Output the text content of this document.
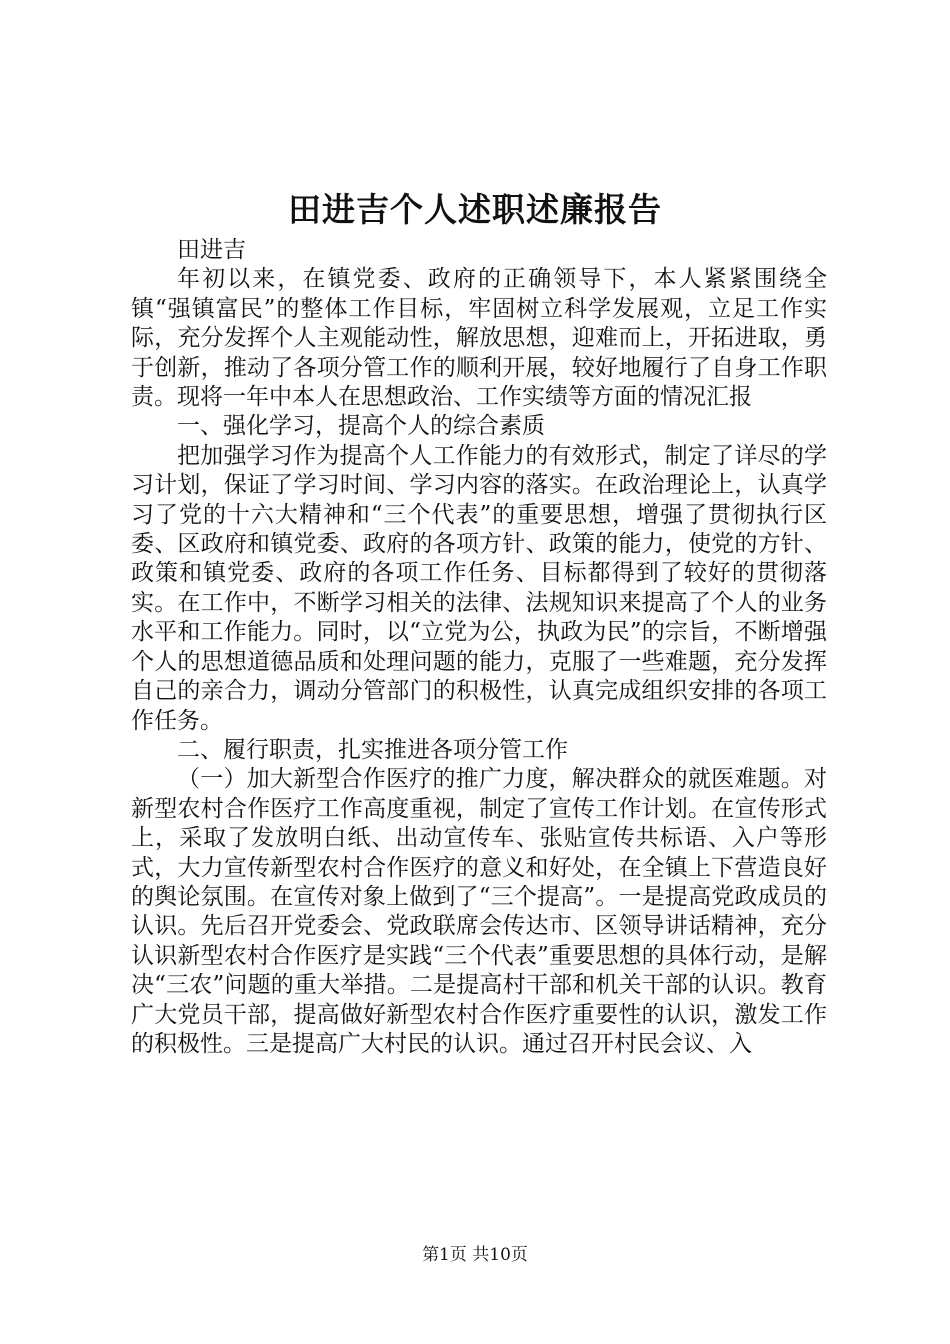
田进吉个人述职述廉报告

田进吉

年初以来，在镇党委、政府的正确领导下，本人紧紧围绕全镇“强镇富民”的整体工作目标，牢固树立科学发展观，立足工作实际，充分发挥个人主观能动性，解放思想，迎难而上，开拓进取，勇于创新，推动了各项分管工作的顺利开展，较好地履行了自身工作职责。现将一年中本人在思想政治、工作实绩等方面的情况汇报

一、强化学习，提高个人的综合素质

把加强学习作为提高个人工作能力的有效形式，制定了详尽的学习计划，保证了学习时间、学习内容的落实。在政治理论上，认真学习了党的十六大精神和“三个代表”的重要思想，增强了贯彻执行区委、区政府和镇党委、政府的各项方针、政策的能力，使党的方针、政策和镇党委、政府的各项工作任务、目标都得到了较好的贯彻落实。在工作中，不断学习相关的法律、法规知识来提高了个人的业务水平和工作能力。同时，以“立党为公，执政为民”的宗旨，不断增强个人的思想道德品质和处理问题的能力，克服了一些难题，充分发挥自己的亲合力，调动分管部门的积极性，认真完成组织安排的各项工作任务。

二、履行职责，扎实推进各项分管工作

（一）加大新型合作医疗的推广力度，解决群众的就医难题。对新型农村合作医疗工作高度重视，制定了宣传工作计划。在宣传形式上，采取了发放明白纸、出动宣传车、张贴宣传共标语、入户等形式，大力宣传新型农村合作医疗的意义和好处，在全镇上下营造良好的舆论氛围。在宣传对象上做到了“三个提高”。一是提高党政成员的认识。先后召开党委会、党政联席会传达市、区领导讲话精神，充分认识新型农村合作医疗是实践“三个代表”重要思想的具体行动，是解决“三农”问题的重大举措。二是提高村干部和机关干部的认识。教育广大党员干部，提高做好新型农村合作医疗重要性的认识，激发工作的积极性。三是提高广大村民的认识。通过召开村民会议、入

第1页 共10页
